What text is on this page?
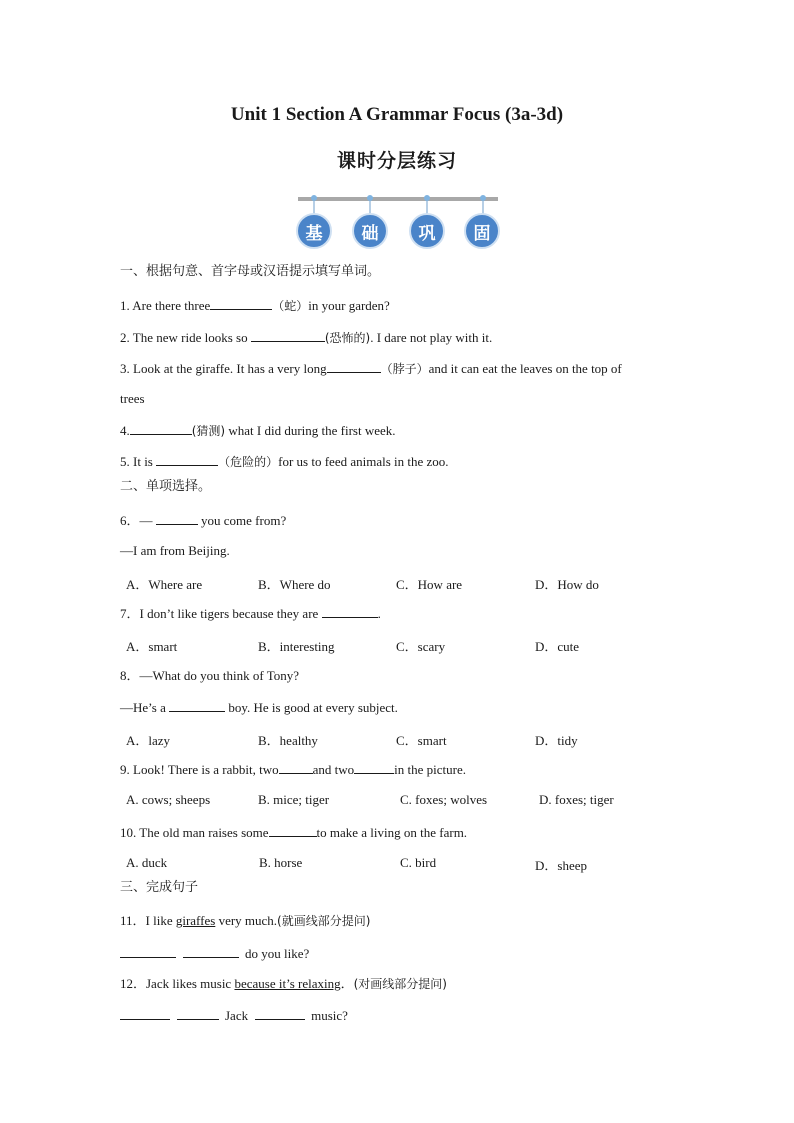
Unit 1 Section A Grammar Focus (3a-3d)
课时分层练习
基	础	巩	固
一、根据句意、首字母或汉语提示填写单词。
1. Are there three	（蛇）in your garden?
2. The new ride looks so	(恐怖的). I dare not play with it.
3. Look at the giraffe. It has a very long	（脖子）and it can eat the leaves on the top of
trees
4.	(猜测) what I did during the first week.
5. It is	（危险的）for us to feed animals in the zoo.
二、单项选择。
6．—	you come from?
—I am from Beijing.
A．Where are	B．Where do	C．How are	D．How do
7．I don’t like tigers because they are	.
A．smart	B．interesting	C．scary	D．cute
8．—What do you think of Tony?
—He’s a	boy. He is good at every subject.
A．lazy	B．healthy	C．smart	D．tidy
9. Look! There is a rabbit, two	and two	in the picture.
A. cows; sheeps	B. mice; tiger	C. foxes; wolves	D. foxes; tiger
10. The old man raises some	to make a living on the farm.
A. duck	B. horse	C. bird	D．sheep
三、完成句子
11．I like giraffes very much.(就画线部分提问)
do you like?
12．Jack likes music because it’s relaxing．(对画线部分提问)
Jack	music?
